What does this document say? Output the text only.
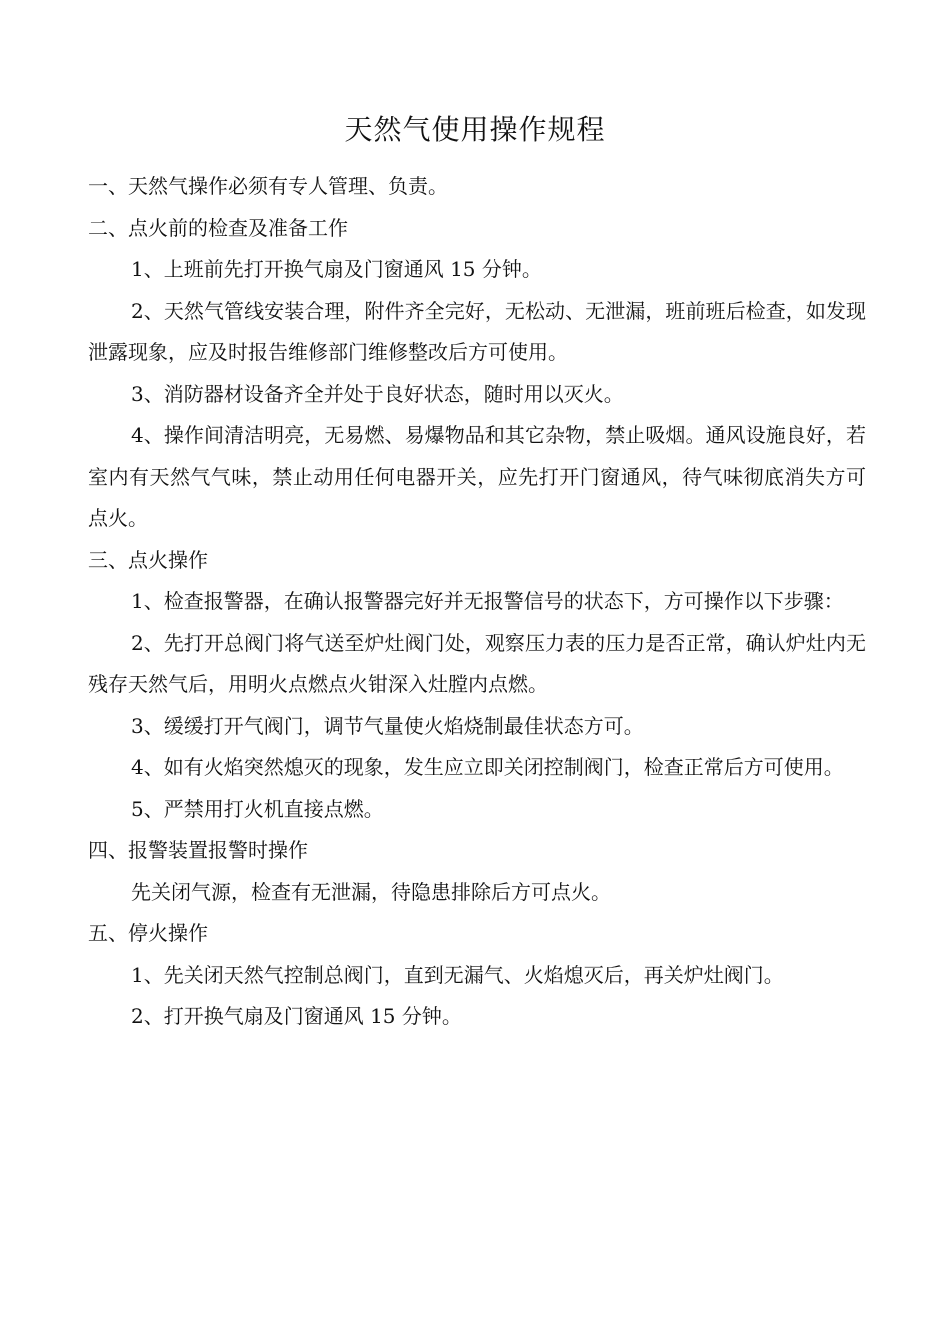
天然气使用操作规程

一、天然气操作必须有专人管理、负责。

二、点火前的检查及准备工作

1、上班前先打开换气扇及门窗通风 15 分钟。

2、天然气管线安装合理，附件齐全完好，无松动、无泄漏，班前班后检查，如发现泄露现象，应及时报告维修部门维修整改后方可使用。

3、消防器材设备齐全并处于良好状态，随时用以灭火。

4、操作间清洁明亮，无易燃、易爆物品和其它杂物，禁止吸烟。通风设施良好，若室内有天然气气味，禁止动用任何电器开关，应先打开门窗通风，待气味彻底消失方可点火。

三、点火操作

1、检查报警器，在确认报警器完好并无报警信号的状态下，方可操作以下步骤：

2、先打开总阀门将气送至炉灶阀门处，观察压力表的压力是否正常，确认炉灶内无残存天然气后，用明火点燃点火钳深入灶膛内点燃。

3、缓缓打开气阀门，调节气量使火焰烧制最佳状态方可。

4、如有火焰突然熄灭的现象，发生应立即关闭控制阀门，检查正常后方可使用。

5、严禁用打火机直接点燃。

四、报警装置报警时操作

先关闭气源，检查有无泄漏，待隐患排除后方可点火。

五、停火操作

1、先关闭天然气控制总阀门，直到无漏气、火焰熄灭后，再关炉灶阀门。

2、打开换气扇及门窗通风 15 分钟。
